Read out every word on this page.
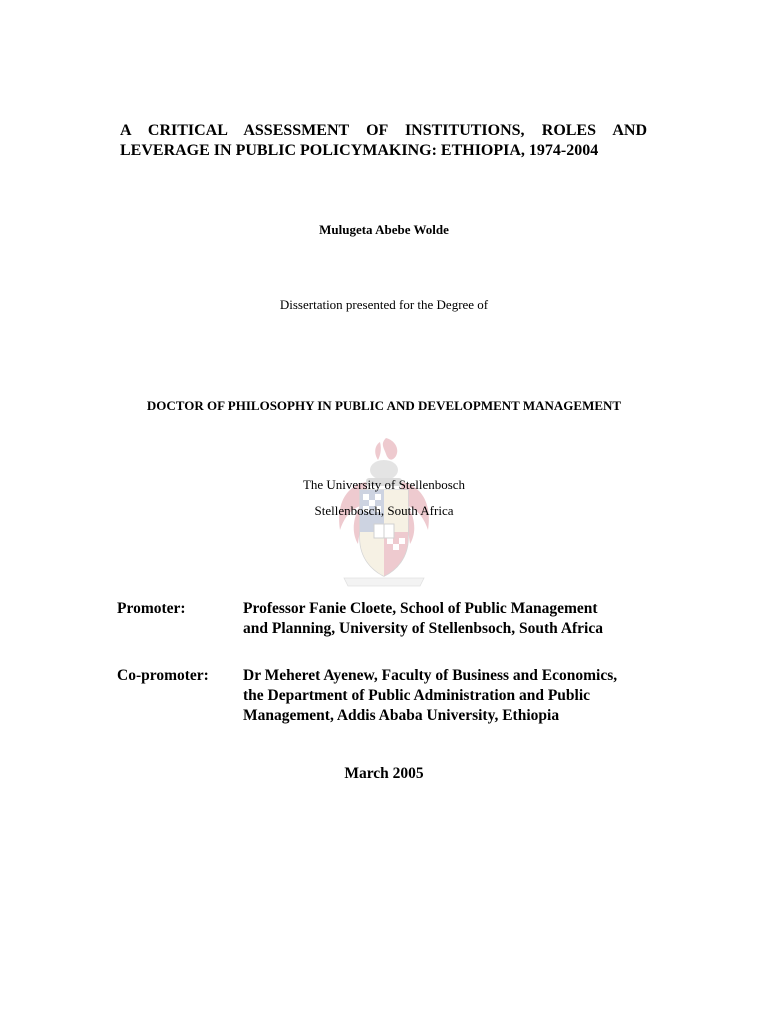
A CRITICAL ASSESSMENT OF INSTITUTIONS, ROLES AND
LEVERAGE IN PUBLIC POLICYMAKING: ETHIOPIA, 1974-2004
Mulugeta Abebe Wolde
Dissertation presented for the Degree of
DOCTOR OF PHILOSOPHY IN PUBLIC AND DEVELOPMENT MANAGEMENT
The University of Stellenbosch
Stellenbosch, South Africa
Promoter:	Professor Fanie Cloete, School of Public Management
and Planning, University of Stellenbsoch, South Africa
Co-promoter:	Dr Meheret Ayenew, Faculty of Business and Economics,
the Department of Public Administration and Public
Management, Addis Ababa University, Ethiopia
March 2005
